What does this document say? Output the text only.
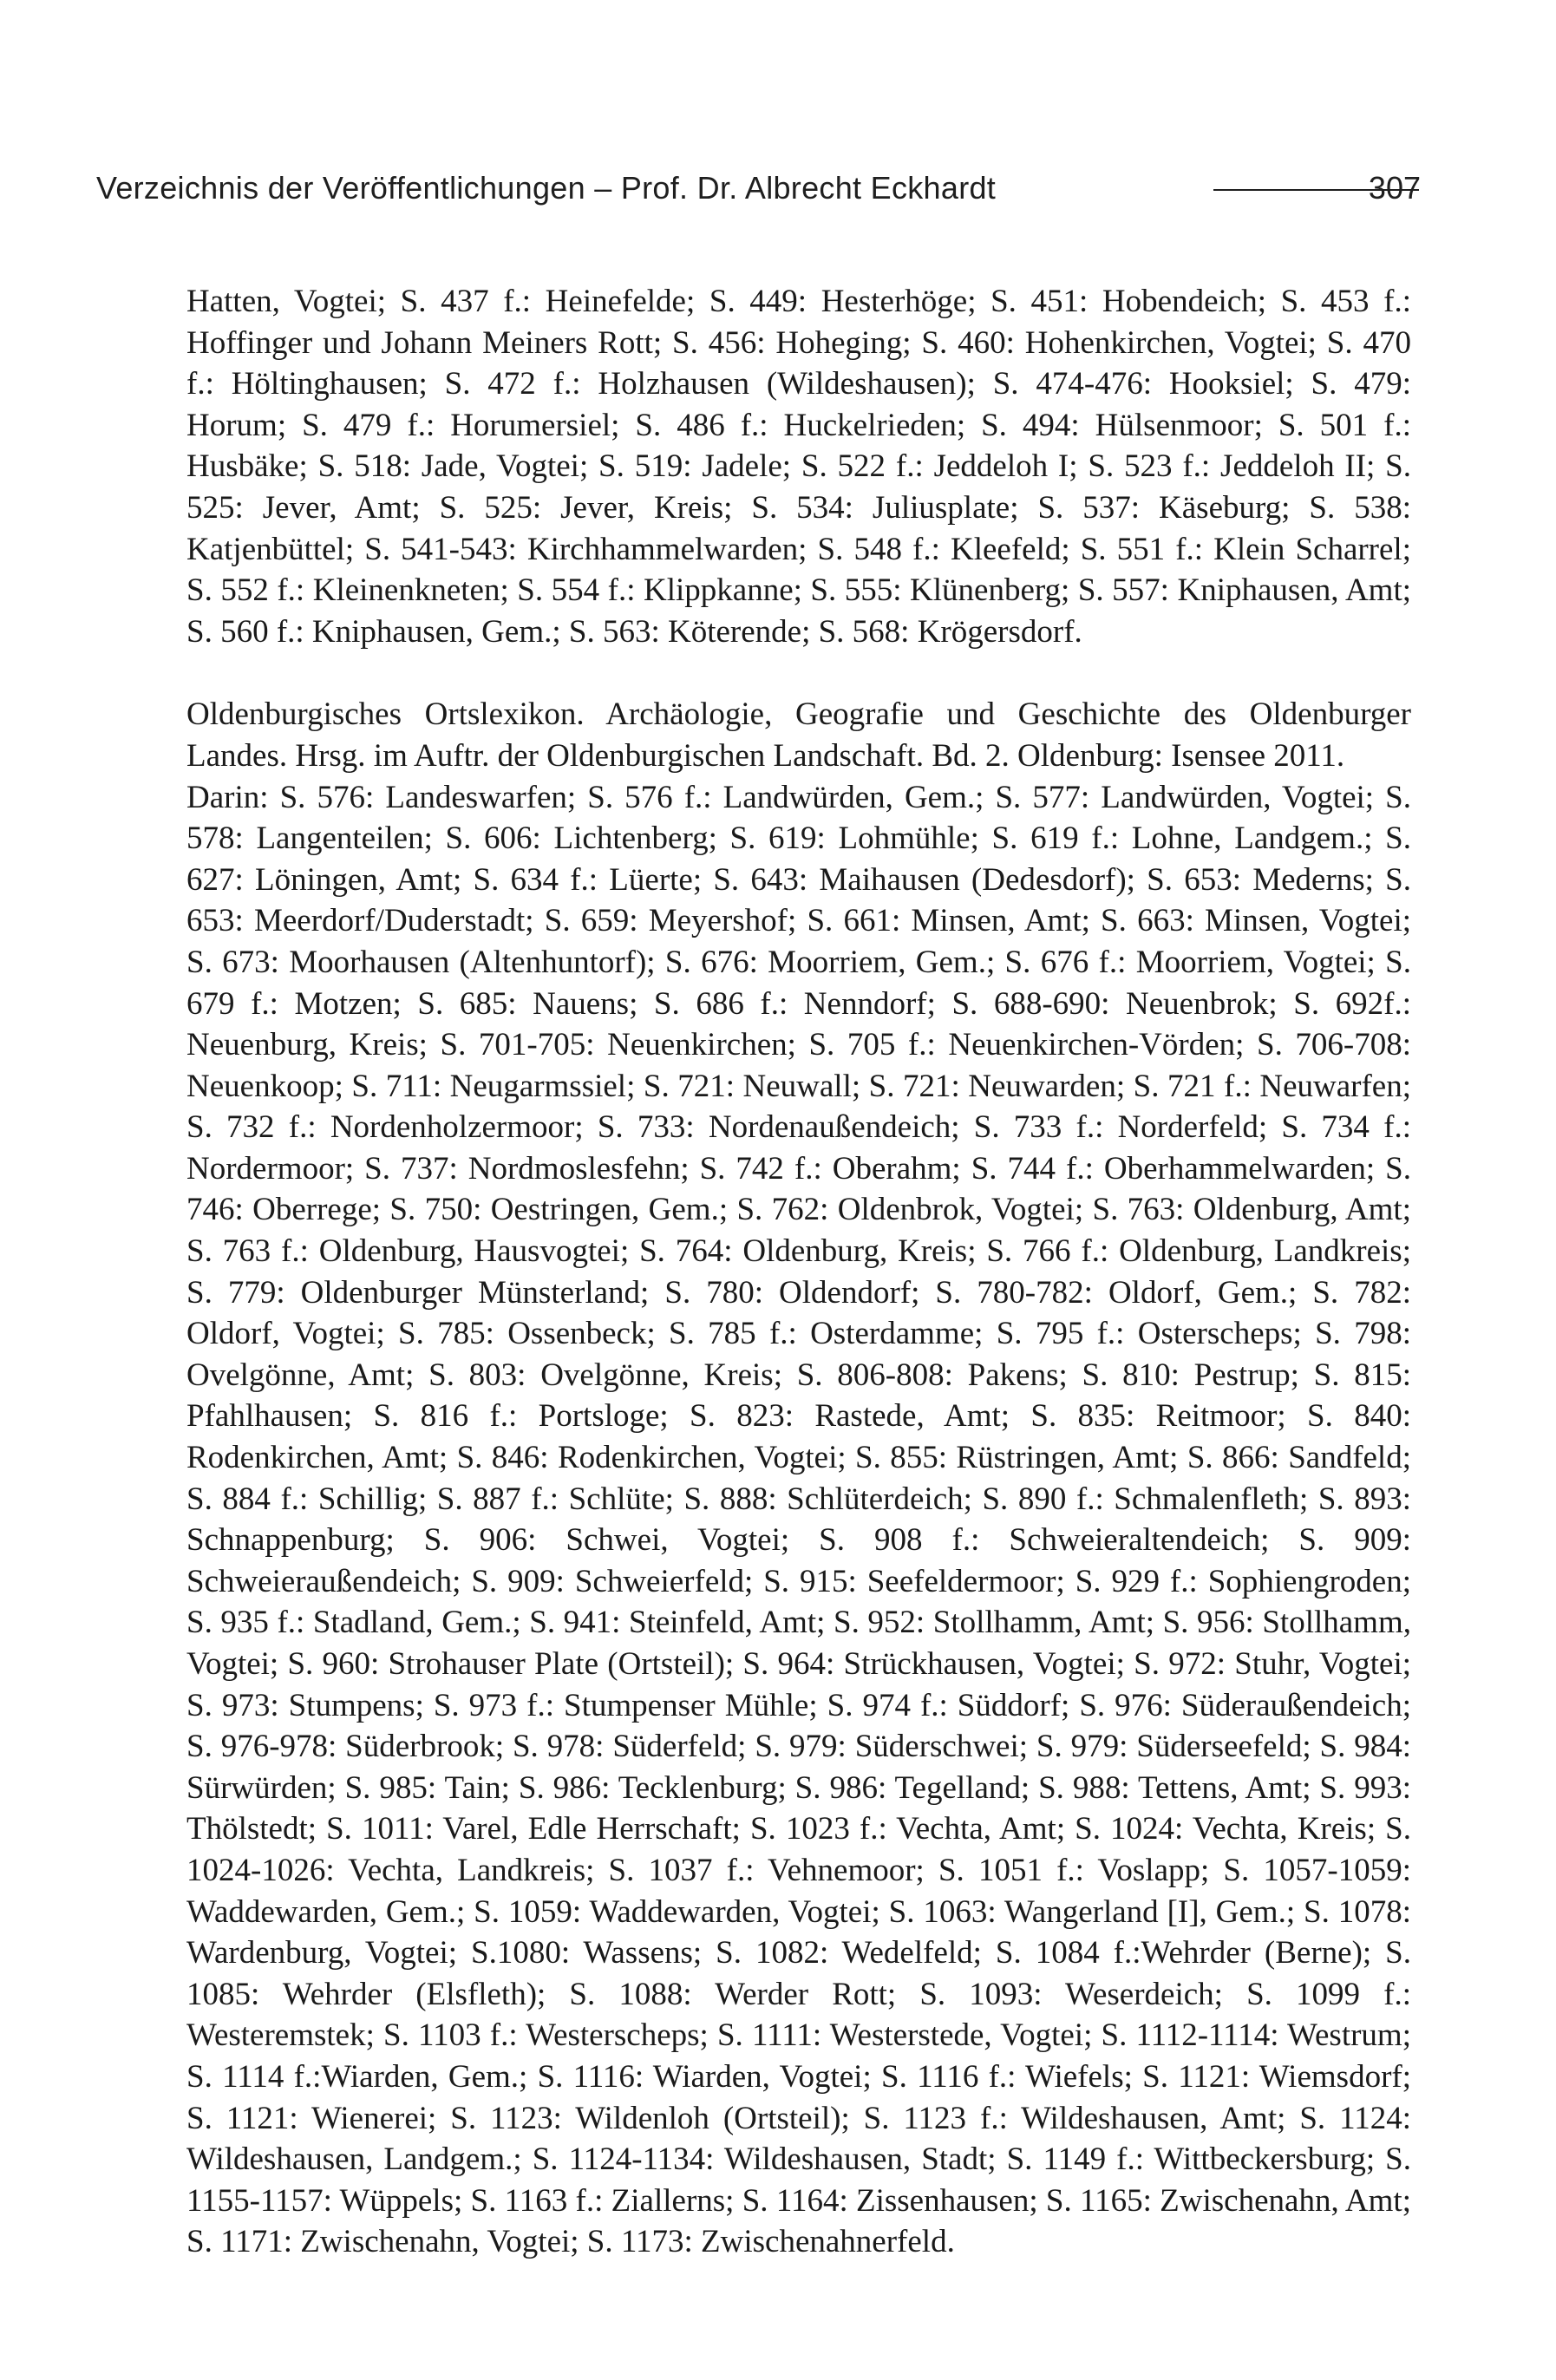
Verzeichnis der Veröffentlichungen – Prof. Dr. Albrecht Eckhardt	307

Hatten, Vogtei; S. 437 f.: Heinefelde; S. 449: Hesterhöge; S. 451: Hobendeich; S. 453 f.: Hoffinger und Johann Meiners Rott; S. 456: Hoheging; S. 460: Hohenkirchen, Vogtei; S. 470 f.: Höltinghausen; S. 472 f.: Holzhausen (Wildeshausen); S. 474-476: Hooksiel; S. 479: Horum; S. 479 f.: Horumersiel; S. 486 f.: Huckelrieden; S. 494: Hülsenmoor; S. 501 f.: Husbäke; S. 518: Jade, Vogtei; S. 519: Jadele; S. 522 f.: Jeddeloh I; S. 523 f.: Jeddeloh II; S. 525: Jever, Amt; S. 525: Jever, Kreis; S. 534: Juliusplate; S. 537: Käseburg; S. 538: Katjenbüttel; S. 541-543: Kirchhammelwarden; S. 548 f.: Kleefeld; S. 551 f.: Klein Scharrel; S. 552 f.: Kleinenkneten; S. 554 f.: Klippkanne; S. 555: Klünenberg; S. 557: Kniphausen, Amt; S. 560 f.: Kniphausen, Gem.; S. 563: Köterende; S. 568: Krögersdorf.

Oldenburgisches Ortslexikon. Archäologie, Geografie und Geschichte des Oldenburger Landes. Hrsg. im Auftr. der Oldenburgischen Landschaft. Bd. 2. Oldenburg: Isensee 2011.

Darin: S. 576: Landeswarfen; S. 576 f.: Landwürden, Gem.; S. 577: Landwürden, Vogtei; S. 578: Langenteilen; S. 606: Lichtenberg; S. 619: Lohmühle; S. 619 f.: Lohne, Landgem.; S. 627: Löningen, Amt; S. 634 f.: Lüerte; S. 643: Maihausen (Dedesdorf); S. 653: Mederns; S. 653: Meerdorf/Duderstadt; S. 659: Meyershof; S. 661: Minsen, Amt; S. 663: Minsen, Vogtei; S. 673: Moorhausen (Altenhuntorf); S. 676: Moorriem, Gem.; S. 676 f.: Moorriem, Vogtei; S. 679 f.: Motzen; S. 685: Nauens; S. 686 f.: Nenndorf; S. 688-690: Neuenbrok; S. 692f.: Neuenburg, Kreis; S. 701-705: Neuenkirchen; S. 705 f.: Neuenkirchen-Vörden; S. 706-708: Neuenkoop; S. 711: Neugarmssiel; S. 721: Neuwall; S. 721: Neuwarden; S. 721 f.: Neuwarfen; S. 732 f.: Nordenholzermoor; S. 733: Nordenaußendeich; S. 733 f.: Norderfeld; S. 734 f.: Nordermoor; S. 737: Nordmoslesfehn; S. 742 f.: Oberahm; S. 744 f.: Oberhammelwarden; S. 746: Oberrege; S. 750: Oestringen, Gem.; S. 762: Oldenbrok, Vogtei; S. 763: Oldenburg, Amt; S. 763 f.: Oldenburg, Hausvogtei; S. 764: Oldenburg, Kreis; S. 766 f.: Oldenburg, Landkreis; S. 779: Oldenburger Münsterland; S. 780: Oldendorf; S. 780-782: Oldorf, Gem.; S. 782: Oldorf, Vogtei; S. 785: Ossenbeck; S. 785 f.: Osterdamme; S. 795 f.: Osterscheps; S. 798: Ovelgönne, Amt; S. 803: Ovelgönne, Kreis; S. 806-808: Pakens; S. 810: Pestrup; S. 815: Pfahlhausen; S. 816 f.: Portsloge; S. 823: Rastede, Amt; S. 835: Reitmoor; S. 840: Rodenkirchen, Amt; S. 846: Rodenkirchen, Vogtei; S. 855: Rüstringen, Amt; S. 866: Sandfeld; S. 884 f.: Schillig; S. 887 f.: Schlüte; S. 888: Schlüterdeich; S. 890 f.: Schmalenfleth; S. 893: Schnappenburg; S. 906: Schwei, Vogtei; S. 908 f.: Schweieraltendeich; S. 909: Schweieraußendeich; S. 909: Schweierfeld; S. 915: Seefeldermoor; S. 929 f.: Sophiengroden; S. 935 f.: Stadland, Gem.; S. 941: Steinfeld, Amt; S. 952: Stollhamm, Amt; S. 956: Stollhamm, Vogtei; S. 960: Strohauser Plate (Ortsteil); S. 964: Strückhausen, Vogtei; S. 972: Stuhr, Vogtei; S. 973: Stumpens; S. 973 f.: Stumpenser Mühle; S. 974 f.: Süddorf; S. 976: Süderaußendeich; S. 976-978: Süderbrook; S. 978: Süderfeld; S. 979: Süderschwei; S. 979: Süderseefeld; S. 984: Sürwürden; S. 985: Tain; S. 986: Tecklenburg; S. 986: Tegelland; S. 988: Tettens, Amt; S. 993: Thölstedt; S. 1011: Varel, Edle Herrschaft; S. 1023 f.: Vechta, Amt; S. 1024: Vechta, Kreis; S. 1024-1026: Vechta, Landkreis; S. 1037 f.: Vehnemoor; S. 1051 f.: Voslapp; S. 1057-1059: Waddewarden, Gem.; S. 1059: Waddewarden, Vogtei; S. 1063: Wangerland [I], Gem.; S. 1078: Wardenburg, Vogtei; S.1080: Wassens; S. 1082: Wedelfeld; S. 1084 f.:Wehrder (Berne); S. 1085: Wehrder (Elsfleth); S. 1088: Werder Rott; S. 1093: Weserdeich; S. 1099 f.: Westeremstek; S. 1103 f.: Westerscheps; S. 1111: Westerstede, Vogtei; S. 1112-1114: Westrum; S. 1114 f.:Wiarden, Gem.; S. 1116: Wiarden, Vogtei; S. 1116 f.: Wiefels; S. 1121: Wiemsdorf; S. 1121: Wienerei; S. 1123: Wildenloh (Ortsteil); S. 1123 f.: Wildeshausen, Amt; S. 1124: Wildeshausen, Landgem.; S. 1124-1134: Wildeshausen, Stadt; S. 1149 f.: Wittbeckersburg; S. 1155-1157: Wüppels; S. 1163 f.: Ziallerns; S. 1164: Zissenhausen; S. 1165: Zwischenahn, Amt; S. 1171: Zwischenahn, Vogtei; S. 1173: Zwischenahnerfeld.
